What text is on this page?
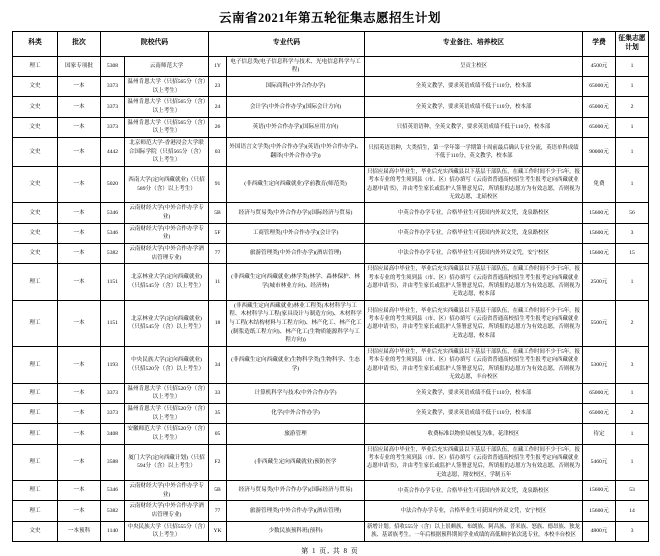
云南省2021年第五轮征集志愿招生计划
科类	批次	院校代码		专业代码		专业备注、培养校区	学费	征集志愿计划
理工	国家专项批	5308	云南师范大学	1Y	电子信息类(电子信息科学与技术、光电信息科学与工程)	呈贡主校区	4500元	1
文史	一本	3373	温州肯恩大学（只招565分（含）以上考生）	23	国际商科(中外合作办学)	全英文教学，要求英语成绩不低于110分，校本部	65000元	1
文史	一本	3373	温州肯恩大学（只招565分（含）以上考生）	24	会计学(中外合作办学)(国际会计方向)	全英文教学，要求英语成绩不低于110分，校本部	65000元	2
文史	一本	3373	温州肯恩大学（只招565分（含）以上考生）	26	英语(中外合作办学)(国际应用方向)	只招英语语种，全英文教学，要求英语成绩不低于110分，校本部	65000元	1
文史	一本	4442	北京师范大学-香港浸会大学联合国际学院（只招565分（含）以上考生）	03	外国语言文学类(中外合作办学)(英语(中外合作办学)、翻译(中外合作办学))	只招英语语种，大类招生，第一学年第一学期第十周前最后确认专业分流，英语单科成绩不低于110分，英文教学，校本部	90000元	1
文史	一本	5020	西南大学(定向西藏就业)（只招589分（含）以上考生）	91	(非西藏生定向西藏就业)学前教育(师范类)	只招应届高中毕业生，毕业后充实西藏县以下基层干部队伍，在藏工作时间不少于5年。报考本专业的考生须到县（市、区）招办填写《云南省普通高校招生考生报考定向西藏就业志愿申请书》，并由考生家长或监护人签署意见后，所填报的志愿方为有效志愿，否则视为无效志愿，北碚校区	免费	1
文史	一本	5346	云南财经大学(中外合作办学专业)	5B	经济与贸易类(中外合作办学)(国际经济与贸易)	中英合作办学专业，合格毕业生可获国内外双文凭，龙泉路校区	15600元	56
文史	一本	5346	云南财经大学(中外合作办学专业)	5F	工商管理类(中外合作办学)(会计学)	中英合作办学专业，合格毕业生可获国内外双文凭，龙泉路校区	15600元	3
文史	一本	5382	云南财经大学(中外合作办学酒店管理专业)	77	旅游管理类(中外合作办学)(酒店管理)	中法合作办学专业，合格毕业生可获国内外外双文凭，安宁校区	15600元	15
理工	一本	1151	北京林业大学(定向西藏就业)（只招545分（含）以上考生）	11	(非西藏生定向西藏就业)林学类(林学、森林保护、林学(城市林业方向)、经济林)	只招应届高中毕业生，毕业后充实西藏县以下基层干部队伍，在藏工作时间不少于5年。报考本专业的考生须到县（市、区）招办填写《云南省普通高校招生考生报考定向西藏就业志愿申请书》，并由考生家长或监护人签署意见后，所填报的志愿方为有效志愿，否则视为无效志愿，校本部	2500元	1
理工	一本	1151	北京林业大学(定向西藏就业)（只招545分（含）以上考生）	18	(非西藏生定向西藏就业)林业工程类(木材科学与工程、木材科学与工程(家具设计与制造方向)、木材科学与工程(木结构材料与工程方向)、林产化工、林产化工(制浆造纸工程方向)、林产化工(生物质能源科学与工程方向))	只招应届高中毕业生，毕业后充实西藏县以下基层干部队伍，在藏工作时间不少于5年。报考本专业的考生须到县（市、区）招办填写《云南省普通高校招生考生报考定向西藏就业志愿申请书》，并由考生家长或监护人签署意见后，所填报的志愿方为有效志愿，否则视为无效志愿，校本部	5500元	2
理工	一本	1193	中央民族大学(定向西藏就业)（只招520分（含）以上考生）	34	(非西藏生定向西藏就业)生物科学类(生物科学、生态学)	只招应届高中毕业生，毕业后充实西藏县以下基层干部队伍，在藏工作时间不少于5年。报考本专业的考生须到县（市、区）招办填写《云南省普通高校招生考生报考定向西藏就业志愿申请书》，并由考生家长或监护人签署意见后，所填报的志愿方为有效志愿，否则视为无效志愿，丰台校区	5300元	3
理工	一本	3373	温州肯恩大学（只招520分（含）以上考生）	33	计算机科学与技术(中外合作办学)	全英文教学，要求英语成绩不低于110分，校本部	65000元	1
理工	一本	3373	温州肯恩大学（只招520分（含）以上考生）	35	化学(中外合作办学)	全英文教学，要求英语成绩不低于110分，校本部	65000元	2
理工	一本	3408	安徽师范大学（只招520分（含）以上考生）	05	旅游管理	收费标准以物价局核复为准，花津校区	待定	1
理工	一本	3588	厦门大学(定向西藏计划)（只招594分（含）以上考生）	F2	(非西藏生定向西藏就业)预防医学	只招应届高中毕业生，毕业后充实西藏县以下基层干部队伍，在藏工作时间不少于5年。报考本专业的考生须到县（市、区）招办填写《云南省普通高校招生考生报考定向西藏就业志愿申请书》，并由考生家长或监护人签署意见后，所填报的志愿方为有效志愿，否则视为无效志愿，翔安校区，学制五年	5460元	1
理工	一本	5346	云南财经大学(中外合作办学专业)	5B	经济与贸易类(中外合作办学)(国际经济与贸易)	中英合作办学专业，合格毕业生可获国内外双文凭，龙泉路校区	15600元	53
理工	一本	5382	云南财经大学(中外合作办学酒店管理专业)	77	旅游管理类(中外合作办学)(酒店管理)	中法合作办学专业，合格毕业生可获国内外双文凭，安宁校区	15600元	14
文史	一本预科	1140	中央民族大学（只招555分（含）以上考生）	YK	少数民族预科班(预科)	新增计划。招收555分（含）以上景颇族、布朗族、阿昌族、普米族、怒族、德昂族、独龙族、基诺族考生。一年后根据预科期间学业成绩的高低顺序依次选专业，本校丰台校区	4800元	3
第 1 页, 共 8 页
